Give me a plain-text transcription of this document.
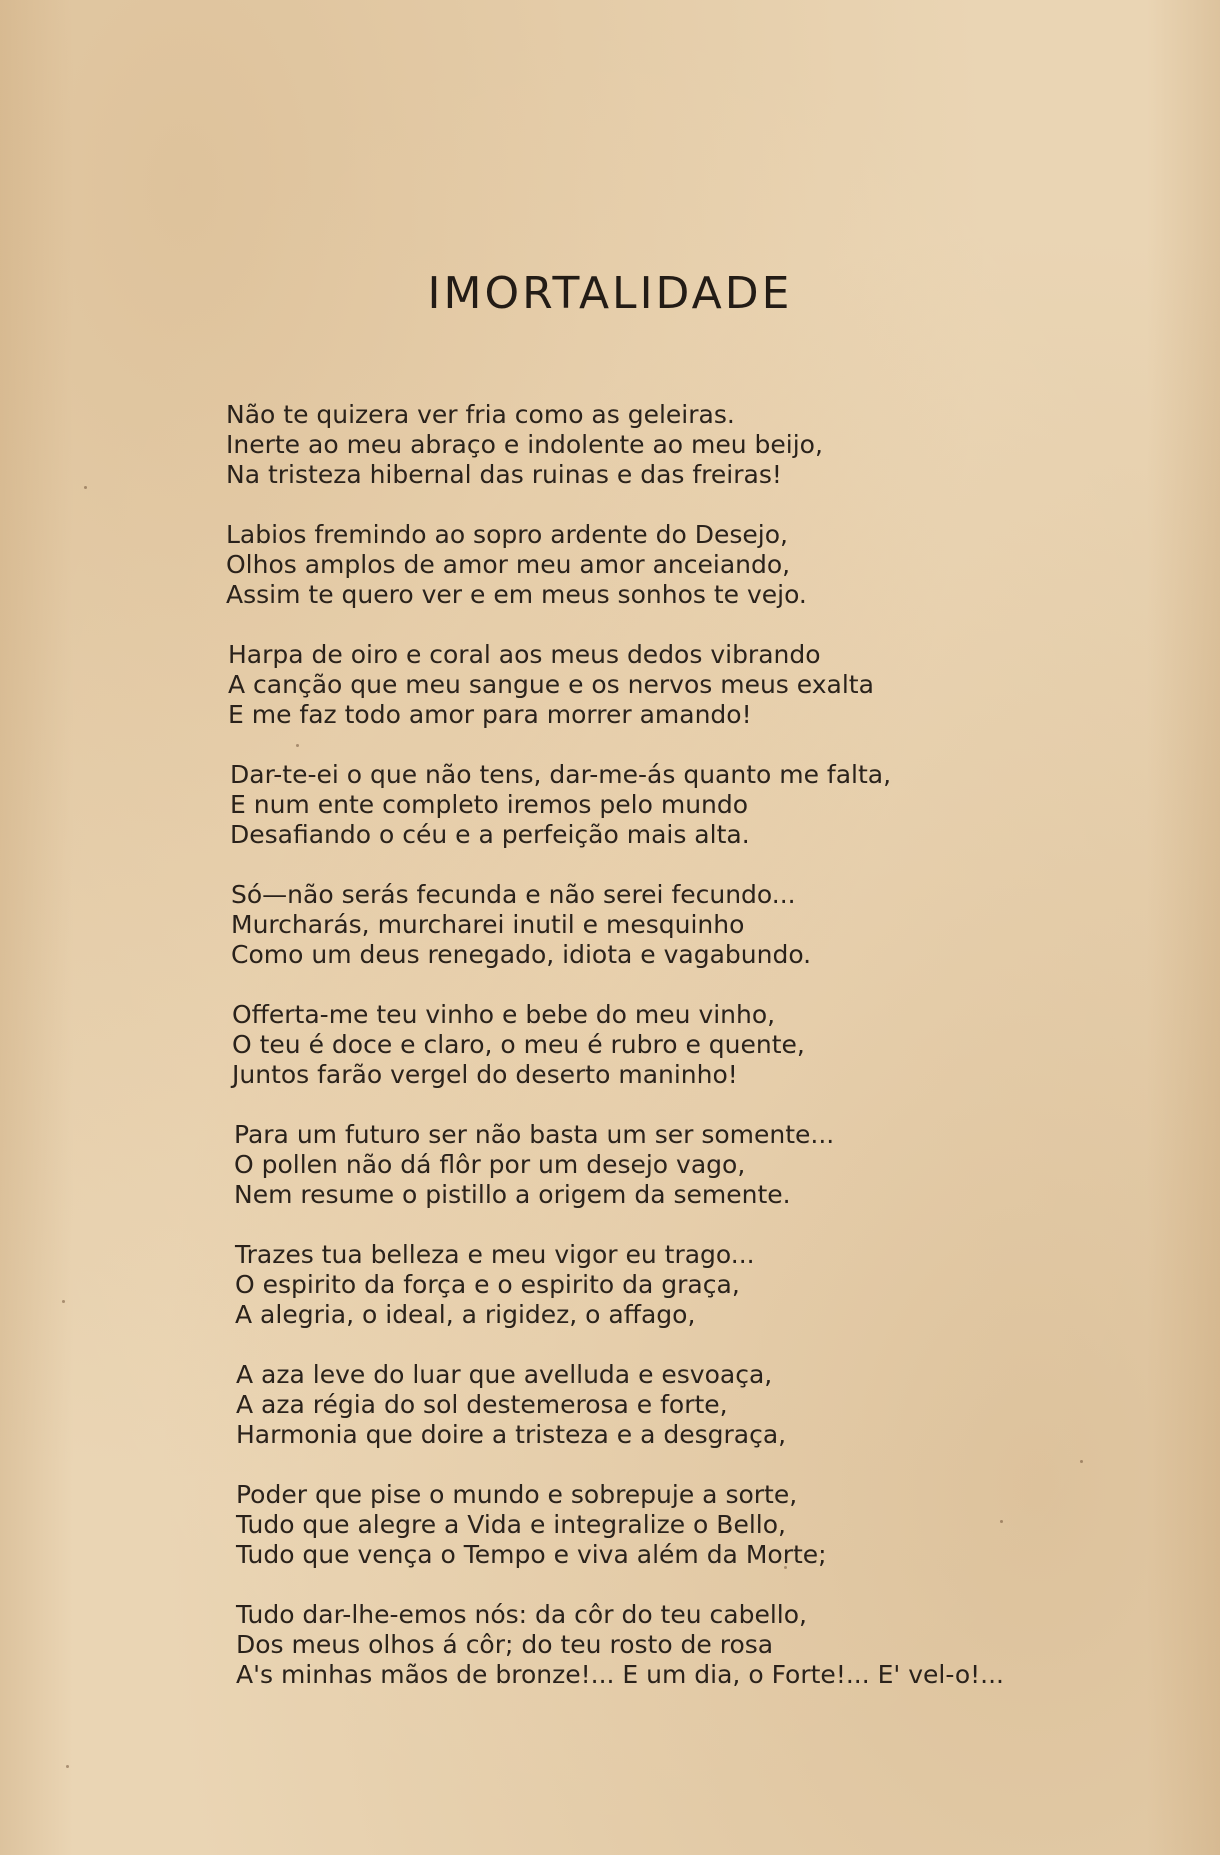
IMORTALIDADE
Não te quizera ver fria como as geleiras.
Inerte ao meu abraço e indolente ao meu beijo,
Na tristeza hibernal das ruinas e das freiras!
Labios fremindo ao sopro ardente do Desejo,
Olhos amplos de amor meu amor anceiando,
Assim te quero ver e em meus sonhos te vejo.
Harpa de oiro e coral aos meus dedos vibrando
A canção que meu sangue e os nervos meus exalta
E me faz todo amor para morrer amando!
Dar-te-ei o que não tens, dar-me-ás quanto me falta,
E num ente completo iremos pelo mundo
Desafiando o céu e a perfeição mais alta.
Só—não serás fecunda e não serei fecundo...
Murcharás, murcharei inutil e mesquinho
Como um deus renegado, idiota e vagabundo.
Offerta-me teu vinho e bebe do meu vinho,
O teu é doce e claro, o meu é rubro e quente,
Juntos farão vergel do deserto maninho!
Para um futuro ser não basta um ser somente...
O pollen não dá flôr por um desejo vago,
Nem resume o pistillo a origem da semente.
Trazes tua belleza e meu vigor eu trago...
O espirito da força e o espirito da graça,
A alegria, o ideal, a rigidez, o affago,
A aza leve do luar que avelluda e esvoaça,
A aza régia do sol destemerosa e forte,
Harmonia que doire a tristeza e a desgraça,
Poder que pise o mundo e sobrepuje a sorte,
Tudo que alegre a Vida e integralize o Bello,
Tudo que vença o Tempo e viva além da Morte;
Tudo dar-lhe-emos nós: da côr do teu cabello,
Dos meus olhos á côr; do teu rosto de rosa
A's minhas mãos de bronze!... E um dia, o Forte!... E' vel-o!...
